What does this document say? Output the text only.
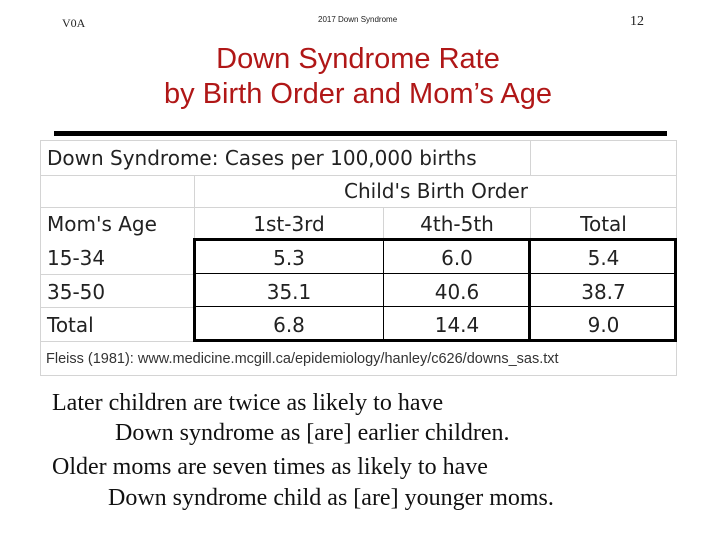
V0A	2017 Down Syndrome	12
Down Syndrome Rate
by Birth Order and Mom’s Age
Down Syndrome: Cases per 100,000 births
Child's Birth Order
Mom's Age	1st-3rd	4th-5th	Total
15-34	5.3	6.0	5.4
35-50	35.1	40.6	38.7
Total	6.8	14.4	9.0
Fleiss (1981): www.medicine.mcgill.ca/epidemiology/hanley/c626/downs_sas.txt
Later children are twice as likely to have
Down syndrome as [are] earlier children.
Older moms are seven times as likely to have
Down syndrome child as [are] younger moms.
